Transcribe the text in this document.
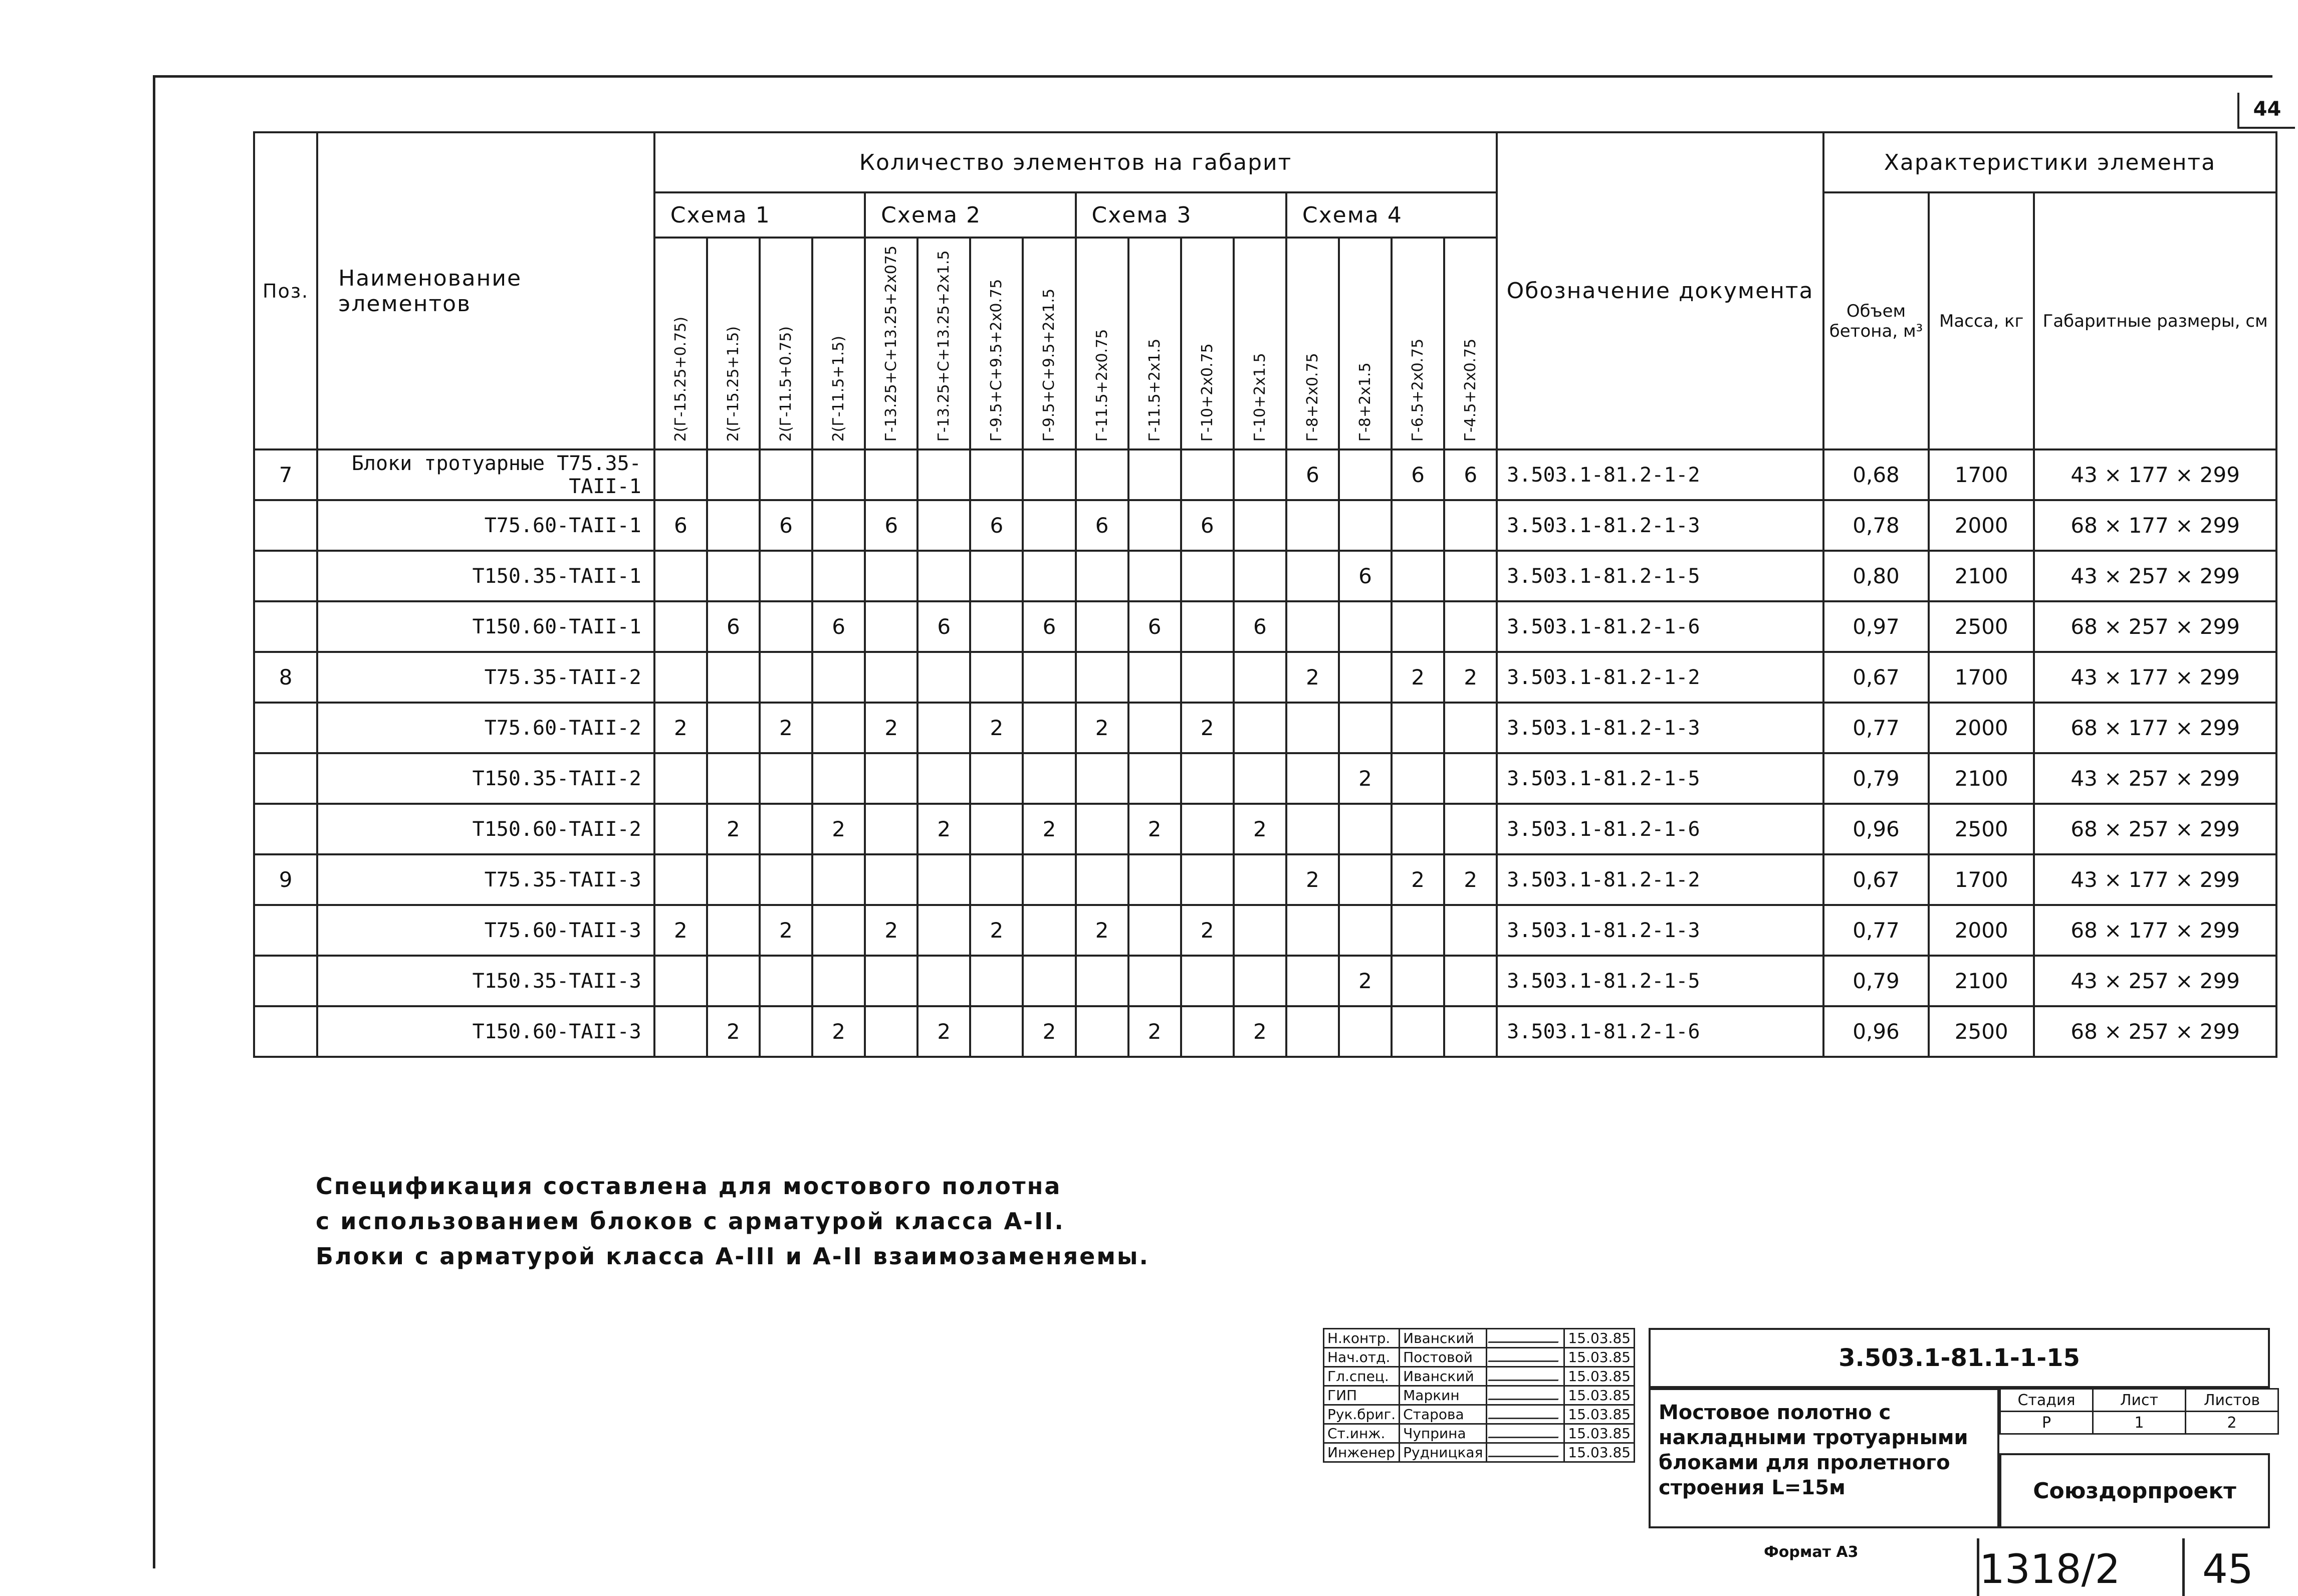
44
Поз.	Наименование элементов	Количество элементов на габарит																Обозначение документа	Характеристики элемента		
		Схема 1				Схема 2				Схема 3				Схема 4					Объем бетона, м³	Масса, кг	Габаритные размеры, см
		2(Г-15.25+0.75)	2(Г-15.25+1.5)	2(Г-11.5+0.75)	2(Г-11.5+1.5)	Г-13.25+С+13.25+2х075	Г-13.25+С+13.25+2х1.5	Г-9.5+С+9.5+2х0.75	Г-9.5+С+9.5+2х1.5	Г-11.5+2х0.75	Г-11.5+2х1.5	Г-10+2х0.75	Г-10+2х1.5	Г-8+2х0.75	Г-8+2х1.5	Г-6.5+2х0.75	Г-4.5+2х0.75				
7	Блоки тротуарные Т75.35-ТАII-1													6		6	6	3.503.1-81.2-1-2	0,68	1700	43 × 177 × 299
	Т75.60-ТАII-1	6		6		6		6		6		6						3.503.1-81.2-1-3	0,78	2000	68 × 177 × 299
	Т150.35-ТАII-1														6			3.503.1-81.2-1-5	0,80	2100	43 × 257 × 299
	Т150.60-ТАII-1		6		6		6		6		6		6					3.503.1-81.2-1-6	0,97	2500	68 × 257 × 299
8	Т75.35-ТАII-2													2		2	2	3.503.1-81.2-1-2	0,67	1700	43 × 177 × 299
	Т75.60-ТАII-2	2		2		2		2		2		2						3.503.1-81.2-1-3	0,77	2000	68 × 177 × 299
	Т150.35-ТАII-2														2			3.503.1-81.2-1-5	0,79	2100	43 × 257 × 299
	Т150.60-ТАII-2		2		2		2		2		2		2					3.503.1-81.2-1-6	0,96	2500	68 × 257 × 299
9	Т75.35-ТАII-3													2		2	2	3.503.1-81.2-1-2	0,67	1700	43 × 177 × 299
	Т75.60-ТАII-3	2		2		2		2		2		2						3.503.1-81.2-1-3	0,77	2000	68 × 177 × 299
	Т150.35-ТАII-3														2			3.503.1-81.2-1-5	0,79	2100	43 × 257 × 299
	Т150.60-ТАII-3		2		2		2		2		2		2					3.503.1-81.2-1-6	0,96	2500	68 × 257 × 299
Спецификация составлена для мостового полотна
с использованием блоков с арматурой класса А-II.
Блоки с арматурой класса А-III и А-II взаимозаменяемы.
Н.контр.	Иванский		15.03.85
Нач.отд.	Постовой		15.03.85
Гл.спец.	Иванский		15.03.85
ГИП	Маркин		15.03.85
Рук.бриг.	Старова		15.03.85
Ст.инж.	Чуприна		15.03.85
Инженер	Рудницкая		15.03.85
3.503.1-81.1-1-15
Мостовое полотно с накладными тротуарными блоками для пролетного строения L=15м
Стадия	Лист	Листов
Р	1	2
Союздорпроект
Формат А3	1318/2 45
